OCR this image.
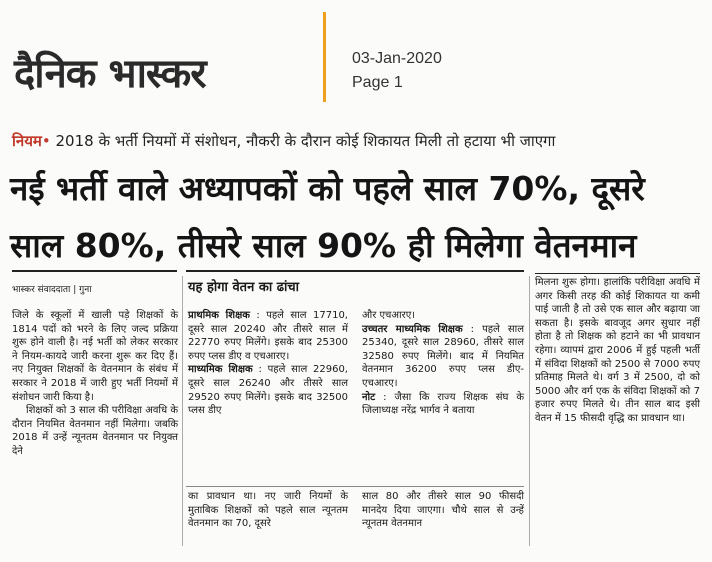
दैनिक भास्कर	03-Jan-2020
Page 1
नियम• 2018 के भर्ती नियमों में संशोधन, नौकरी के दौरान कोई शिकायत मिली तो हटाया भी जाएगा
नई भर्ती वाले अध्यापकों को पहले साल 70%, दूसरे साल 80%, तीसरे साल 90% ही मिलेगा वेतनमान
भास्कर संवाददाता | गुना	यह होगा वेतन का ढांचा

जिले के स्कूलों में खाली पड़े शिक्षकों के 1814 पदों को भरने के लिए जल्द प्रक्रिया शुरू होने वाली है। नई भर्ती को लेकर सरकार ने नियम-कायदे जारी करना शुरू कर दिए हैं। नए नियुक्त शिक्षकों के वेतनमान के संबंध में सरकार ने 2018 में जारी हुए भर्ती नियमों में संशोधन जारी किया है।

शिक्षकों को 3 साल की परीविक्षा अवधि के दौरान नियमित वेतनमान नहीं मिलेगा। जबकि 2018 में उन्हें न्यूनतम वेतनमान पर नियुक्त देने

प्राथमिक शिक्षक : पहले साल 17710, दूसरे साल 20240 और तीसरे साल में 22770 रुपए मिलेंगे। इसके बाद 25300 रुपए प्लस डीए व एचआरए।

माध्यमिक शिक्षक : पहले साल 22960, दूसरे साल 26240 और तीसरे साल 29520 रुपए मिलेंगे। इसके बाद 32500 प्लस डीए

और एचआरए।

उच्चतर माध्यमिक शिक्षक : पहले साल 25340, दूसरे साल 28960, तीसरे साल 32580 रुपए मिलेंगे। बाद में नियमित वेतनमान 36200 रुपए प्लस डीए-एचआरए।

नोट : जैसा कि राज्य शिक्षक संघ के जिलाध्यक्ष नरेंद्र भार्गव ने बताया

मिलना शुरू होगा। हालांकि परीविक्षा अवधि में अगर किसी तरह की कोई शिकायत या कमी पाई जाती है तो उसे एक साल और बढ़ाया जा सकता है। इसके बावजूद अगर सुधार नहीं होता है तो शिक्षक को हटाने का भी प्रावधान रहेगा। व्यापमं द्वारा 2006 में हुई पहली भर्ती में संविदा शिक्षकों को 2500 से 7000 रुपए प्रतिमाह मिलते थे। वर्ग 3 में 2500, दो को 5000 और वर्ग एक के संविदा शिक्षकों को 7 हजार रुपए मिलते थे। तीन साल बाद इसी वेतन में 15 फीसदी वृद्धि का प्रावधान था।

का प्रावधान था। नए जारी नियमों के मुताबिक शिक्षकों को पहले साल न्यूनतम वेतनमान का 70, दूसरे
साल 80 और तीसरे साल 90 फीसदी मानदेय दिया जाएगा। चौथे साल से उन्हें न्यूनतम वेतनमान
